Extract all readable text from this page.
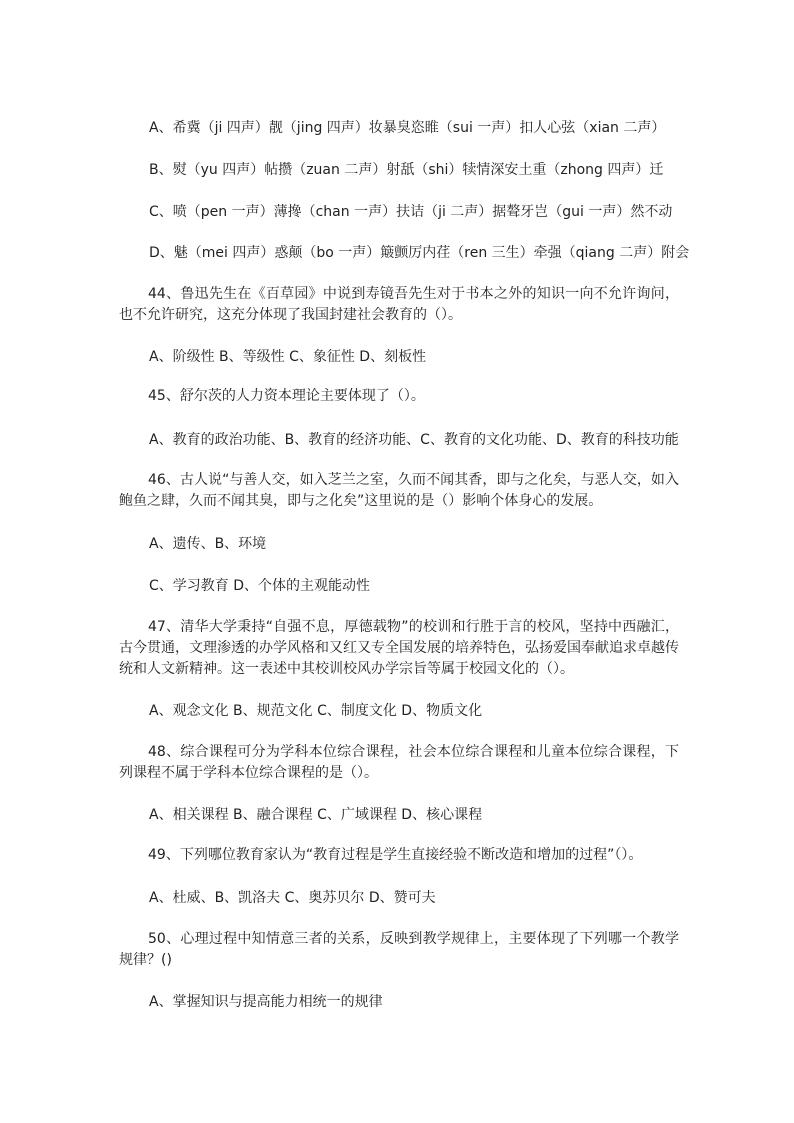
A、希冀（ji 四声）靓（jing 四声）妆暴臭恣睢（sui 一声）扣人心弦（xian 二声）
B、熨（yu 四声）帖攒（zuan 二声）射舐（shi）犊情深安土重（zhong 四声）迁
C、喷（pen 一声）薄搀（chan 一声）扶诘（ji 二声）据聱牙岂（gui 一声）然不动
D、魅（mei 四声）惑颠（bo 一声）簸颤厉内荏（ren 三生）牵强（qiang 二声）附会
44、鲁迅先生在《百草园》中说到寿镜吾先生对于书本之外的知识一向不允许询问，也不允许研究，这充分体现了我国封建社会教育的（）。
A、阶级性 B、等级性 C、象征性 D、刻板性
45、舒尔茨的人力资本理论主要体现了（）。
A、教育的政治功能、B、教育的经济功能、C、教育的文化功能、D、教育的科技功能
46、古人说“与善人交，如入芝兰之室，久而不闻其香，即与之化矣，与恶人交，如入鲍鱼之肆，久而不闻其臭，即与之化矣”这里说的是（）影响个体身心的发展。
A、遗传、B、环境
C、学习教育 D、个体的主观能动性
47、清华大学秉持“自强不息，厚德载物”的校训和行胜于言的校风，坚持中西融汇，古今贯通，文理渗透的办学风格和又红又专全国发展的培养特色，弘扬爱国奉献追求卓越传统和人文新精神。这一表述中其校训校风办学宗旨等属于校园文化的（）。
A、观念文化 B、规范文化 C、制度文化 D、物质文化
48、综合课程可分为学科本位综合课程，社会本位综合课程和儿童本位综合课程，下列课程不属于学科本位综合课程的是（）。
A、相关课程 B、融合课程 C、广域课程 D、核心课程
49、下列哪位教育家认为“教育过程是学生直接经验不断改造和增加的过程”（）。
A、杜威、B、凯洛夫 C、奥苏贝尔 D、赞可夫
50、心理过程中知情意三者的关系，反映到教学规律上，主要体现了下列哪一个教学规律？()
A、掌握知识与提高能力相统一的规律
